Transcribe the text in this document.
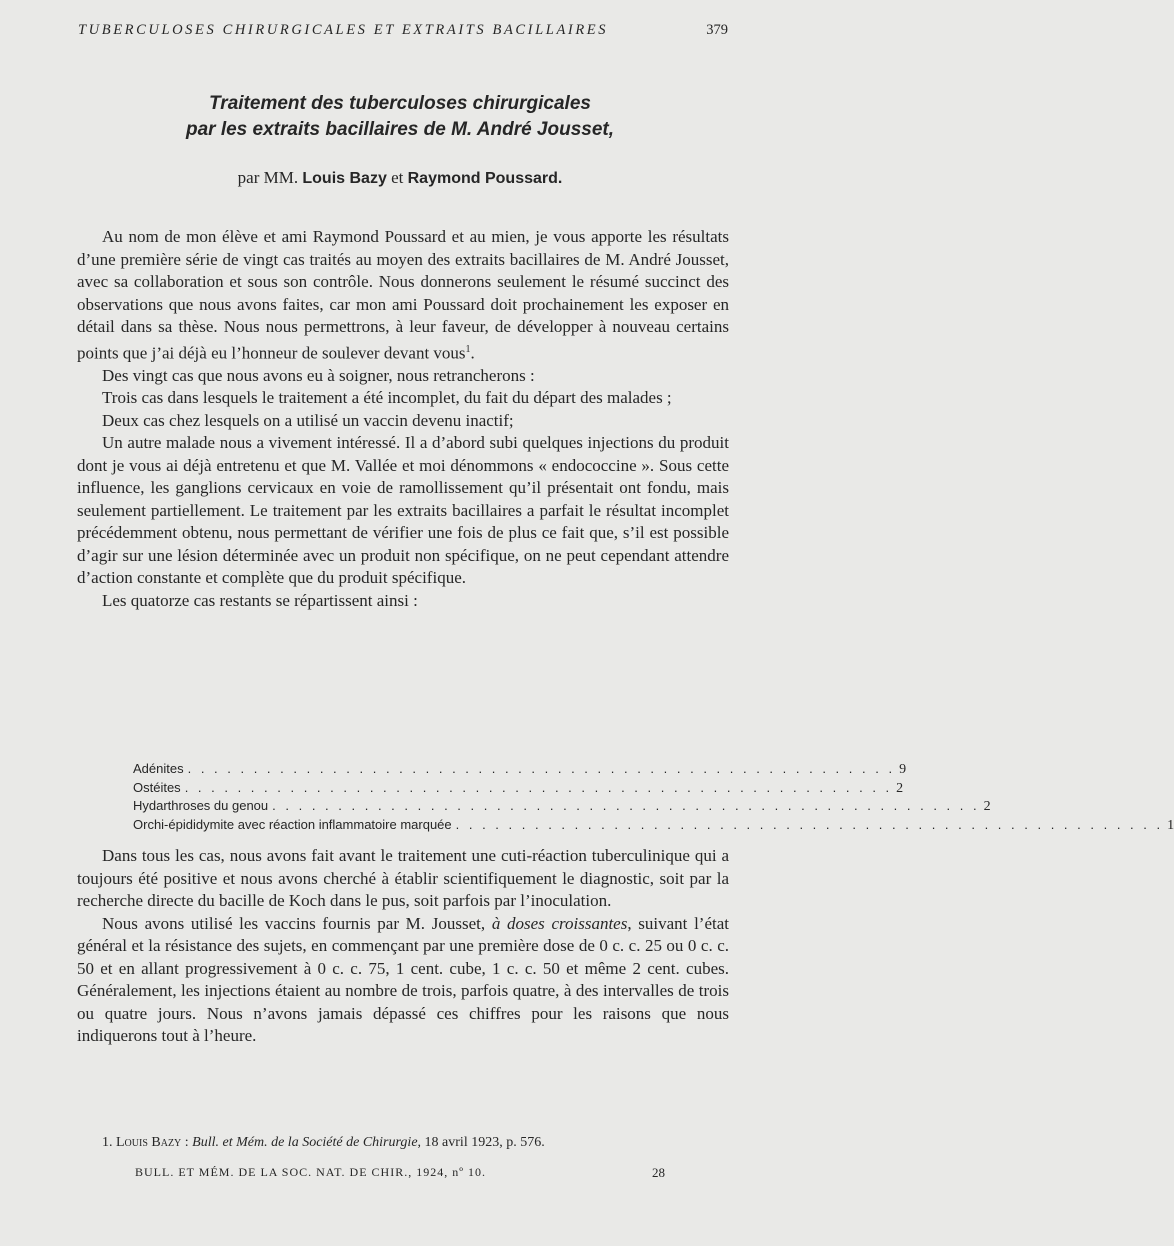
TUBERCULOSES CHIRURGICALES ET EXTRAITS BACILLAIRES	379
Traitement des tuberculoses chirurgicales
par les extraits bacillaires de M. André Jousset,
par MM. Louis Bazy et Raymond Poussard.

Au nom de mon élève et ami Raymond Poussard et au mien, je vous apporte les résultats d’une première série de vingt cas traités au moyen des extraits bacillaires de M. André Jousset, avec sa collaboration et sous son contrôle. Nous donnerons seulement le résumé succinct des observations que nous avons faites, car mon ami Poussard doit prochainement les exposer en détail dans sa thèse. Nous nous permettrons, à leur faveur, de développer à nouveau certains points que j’ai déjà eu l’honneur de soulever devant vous$^1$.

Des vingt cas que nous avons eu à soigner, nous retrancherons :

Trois cas dans lesquels le traitement a été incomplet, du fait du départ des malades ;

Deux cas chez lesquels on a utilisé un vaccin devenu inactif;

Un autre malade nous a vivement intéressé. Il a d’abord subi quelques injections du produit dont je vous ai déjà entretenu et que M. Vallée et moi dénommons « endococcine ». Sous cette influence, les ganglions cervicaux en voie de ramollissement qu’il présentait ont fondu, mais seulement partiellement. Le traitement par les extraits bacillaires a parfait le résultat incomplet précédemment obtenu, nous permettant de vérifier une fois de plus ce fait que, s’il est possible d’agir sur une lésion déterminée avec un produit non spécifique, on ne peut cependant attendre d’action constante et complète que du produit spécifique.

Les quatorze cas restants se répartissent ainsi :

Adénites . . . . . . . . . . . . . . . . . . . . . . . . . . . . . . . . . . . . . . . . . . . . . . . . . . . . . . 9
Ostéites . . . . . . . . . . . . . . . . . . . . . . . . . . . . . . . . . . . . . . . . . . . . . . . . . . . . . . 2
Hydarthroses du genou . . . . . . . . . . . . . . . . . . . . . . . . . . . . . . . . . . . . . . . . . . . . . . . . . . . . . . 2
Orchi-épididymite avec réaction inflammatoire marquée . . . . . . . . . . . . . . . . . . . . . . . . . . . . . . . . . . . . . . . . . . . . . . . . . . . . . . 1

Dans tous les cas, nous avons fait avant le traitement une cuti-réaction tuberculinique qui a toujours été positive et nous avons cherché à établir scientifiquement le diagnostic, soit par la recherche directe du bacille de Koch dans le pus, soit parfois par l’inoculation.

Nous avons utilisé les vaccins fournis par M. Jousset, à doses croissantes, suivant l’état général et la résistance des sujets, en commençant par une première dose de 0 c. c. 25 ou 0 c. c. 50 et en allant progressivement à 0 c. c. 75, 1 cent. cube, 1 c. c. 50 et même 2 cent. cubes. Généralement, les injections étaient au nombre de trois, parfois quatre, à des intervalles de trois ou quatre jours. Nous n’avons jamais dépassé ces chiffres pour les raisons que nous indiquerons tout à l’heure.

1. Louis Bazy : Bull. et Mém. de la Société de Chirurgie, 18 avril 1923, p. 576.
BULL. ET MÉM. DE LA SOC. NAT. DE CHIR., 1924, nº 10.	28
